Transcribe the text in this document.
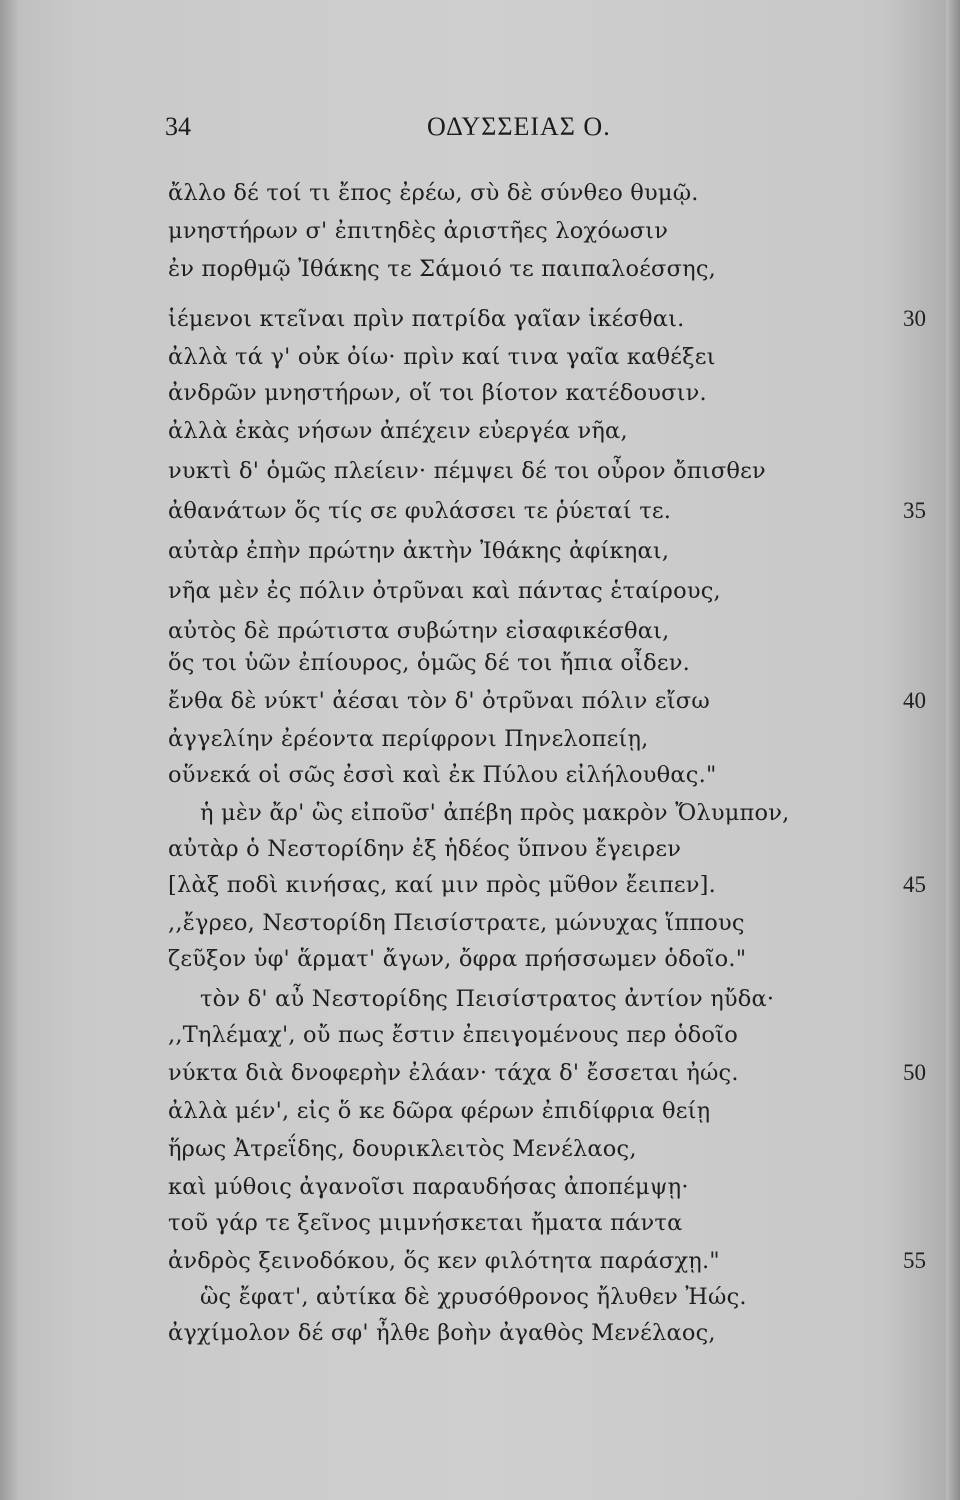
34	ΟΔΥΣΣΕΙΑΣ Ο.
ἄλλο δέ τοί τι ἔπος ἐρέω, σὺ δὲ σύνθεο θυμῷ.
μνηστήρων σ' ἐπιτηδὲς ἀριστῆες λοχόωσιν
ἐν πορθμῷ Ἰθάκης τε Σάμοιό τε παιπαλοέσσης,
ἱέμενοι κτεῖναι πρὶν πατρίδα γαῖαν ἱκέσθαι.	30
ἀλλὰ τά γ' οὐκ ὀίω· πρὶν καί τινα γαῖα καθέξει
ἀνδρῶν μνηστήρων, οἵ τοι βίοτον κατέδουσιν.
ἀλλὰ ἑκὰς νήσων ἀπέχειν εὐεργέα νῆα,
νυκτὶ δ' ὁμῶς πλείειν· πέμψει δέ τοι οὖρον ὄπισθεν
ἀθανάτων ὅς τίς σε φυλάσσει τε ῥύεταί τε.	35
αὐτὰρ ἐπὴν πρώτην ἀκτὴν Ἰθάκης ἀφίκηαι,
νῆα μὲν ἐς πόλιν ὀτρῦναι καὶ πάντας ἑταίρους,
αὐτὸς δὲ πρώτιστα συβώτην εἰσαφικέσθαι,
ὅς τοι ὑῶν ἐπίουρος, ὁμῶς δέ τοι ἤπια οἶδεν.
ἔνθα δὲ νύκτ' ἀέσαι τὸν δ' ὀτρῦναι πόλιν εἴσω	40
ἀγγελίην ἐρέοντα περίφρονι Πηνελοπείῃ,
οὕνεκά οἱ σῶς ἐσσὶ καὶ ἐκ Πύλου εἰλήλουθας."
ἡ μὲν ἄρ' ὣς εἰποῦσ' ἀπέβη πρὸς μακρὸν Ὄλυμπον,
αὐτὰρ ὁ Νεστορίδην ἐξ ἡδέος ὕπνου ἔγειρεν
[λὰξ ποδὶ κινήσας, καί μιν πρὸς μῦθον ἔειπεν].	45
,,ἔγρεο, Νεστορίδη Πεισίστρατε, μώνυχας ἵππους
ζεῦξον ὑφ' ἅρματ' ἄγων, ὄφρα πρήσσωμεν ὁδοῖο."
τὸν δ' αὖ Νεστορίδης Πεισίστρατος ἀντίον ηὔδα·
,,Τηλέμαχ', οὔ πως ἔστιν ἐπειγομένους περ ὁδοῖο
νύκτα διὰ δνοφερὴν ἐλάαν· τάχα δ' ἔσσεται ἠώς.	50
ἀλλὰ μέν', εἰς ὅ κε δῶρα φέρων ἐπιδίφρια θείῃ
ἥρως Ἀτρεΐδης, δουρικλειτὸς Μενέλαος,
καὶ μύθοις ἀγανοῖσι παραυδήσας ἀποπέμψῃ·
τοῦ γάρ τε ξεῖνος μιμνήσκεται ἤματα πάντα
ἀνδρὸς ξεινοδόκου, ὅς κεν φιλότητα παράσχῃ."	55
ὣς ἔφατ', αὐτίκα δὲ χρυσόθρονος ἤλυθεν Ἠώς.
ἀγχίμολον δέ σφ' ἦλθε βοὴν ἀγαθὸς Μενέλαος,
